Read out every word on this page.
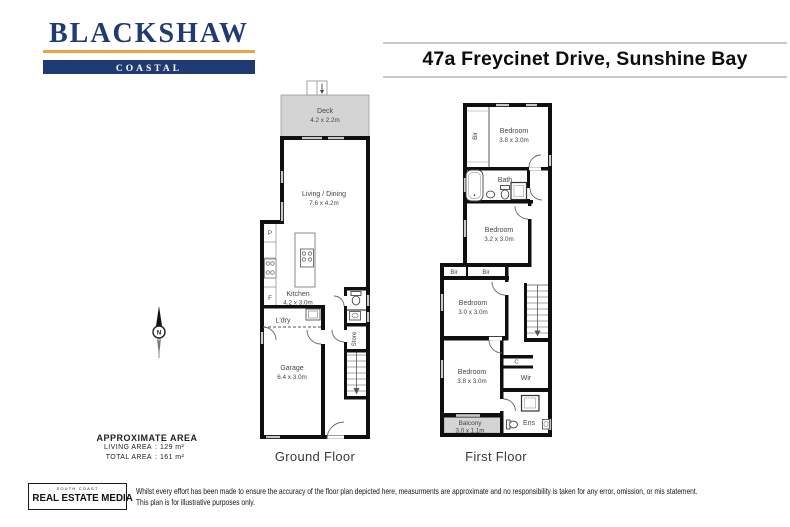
BLACKSHAW
COASTAL	47a Freycinet Drive, Sunshine Bay
N
Deck
4.2 x 2.2m
Living / Dining
7.6 x 4.2m
P
F
Kitchen
4.2 x 3.0m
L'dry
Store
Garage
6.4 x 3.0m
Bir
Bedroom
3.8 x 3.0m
Bath
Bedroom
3.2 x 3.0m
Bir	Bir
Bedroom
3.0 x 3.0m
C
Wir
Bedroom
3.8 x 3.0m
Balcony
3.0 x 1.1m
Ens
Ground Floor	First Floor
APPROXIMATE AREA
LIVING AREA : 129 m²
TOTAL AREA : 161 m²
SOUTH COAST
REAL ESTATE MEDIA
Whilst every effort has been made to ensure the accuracy of the floor plan depicted here, measurments are approximate and no responsibility is taken for any error, omission, or mis statement.
This plan is for illustrative purposes only.
